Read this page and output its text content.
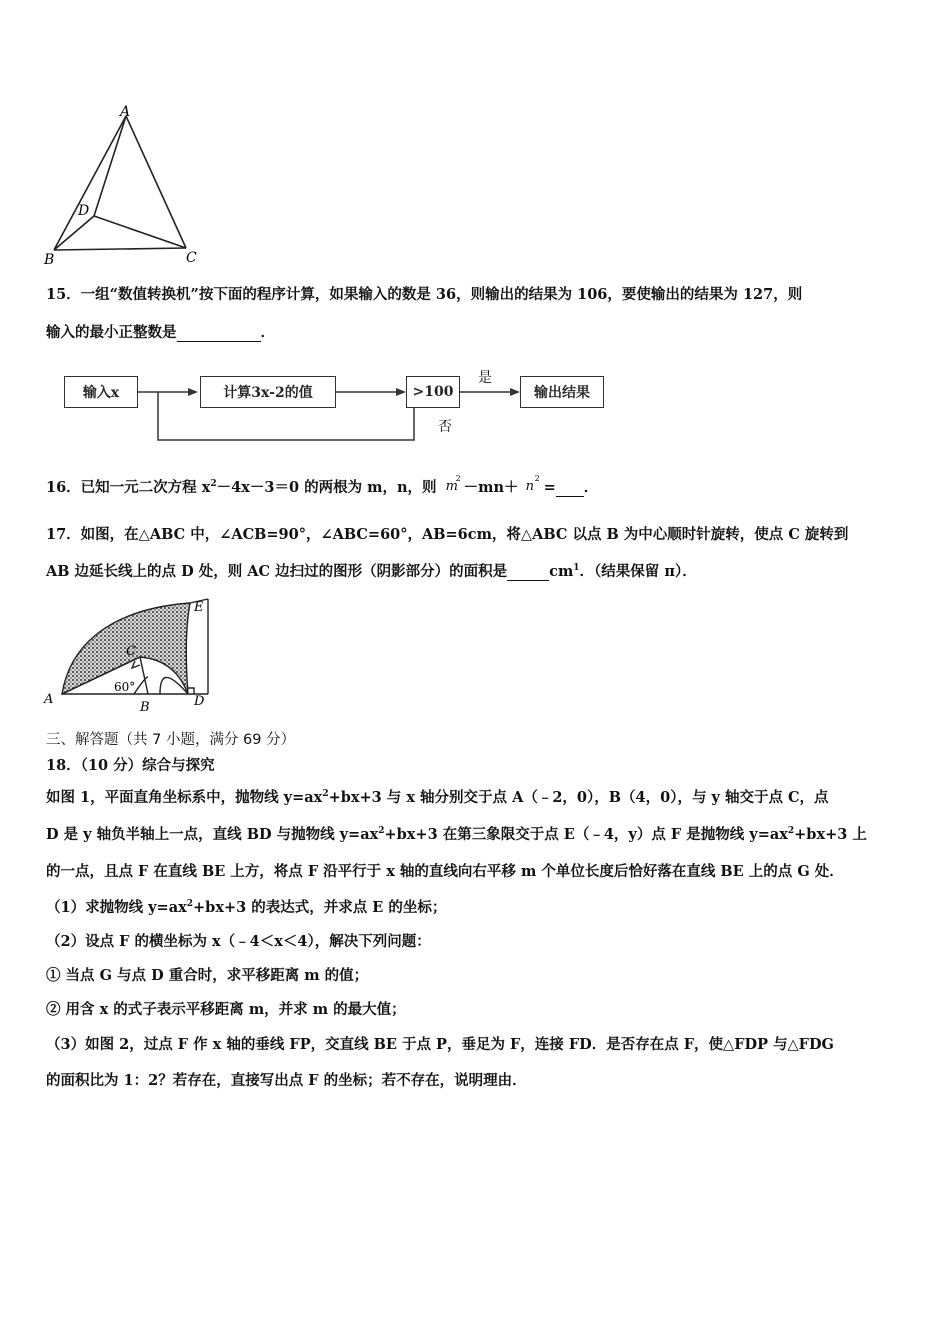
A
D
B	C
15．一组“数值转换机”按下面的程序计算，如果输入的数是 36，则输出的结果为 106，要使输出的结果为 127，则
输入的最小正整数是	．
输入x	计算3x-2的值	>100	输出结果
是
否
16．已知一元二次方程 $x^2-4x-3=0$ 的两根为 m，n，则 m
2
－mn＋ n
2
= ．
17．如图，在△ABC 中，∠ACB=90°，∠ABC=60°，AB=6cm，将△ABC 以点 B 为中心顺时针旋转，使点 C 旋转到
AB 边延长线上的点 D 处，则 AC 边扫过的图形（阴影部分）的面积是	$cm^1$．（结果保留 π）．
A
B
C
D
E
60°
三、解答题（共 7 小题，满分 69 分）
18．（10 分）综合与探究
如图 1，平面直角坐标系中，抛物线 $y=ax^2+bx+3$ 与 x 轴分别交于点 A（﹣2，0），B（4，0），与 y 轴交于点 C，点
D 是 y 轴负半轴上一点，直线 BD 与抛物线 $y=ax^2+bx+3$ 在第三象限交于点 E（﹣4，y）点 F 是抛物线 $y=ax^2+bx+3$ 上
的一点，且点 F 在直线 BE 上方，将点 F 沿平行于 x 轴的直线向右平移 m 个单位长度后恰好落在直线 BE 上的点 G 处．
（1）求抛物线 $y=ax^2+bx+3$ 的表达式，并求点 E 的坐标；
（2）设点 F 的横坐标为 x（﹣4＜x＜4），解决下列问题：
① 当点 G 与点 D 重合时，求平移距离 m 的值；
② 用含 x 的式子表示平移距离 m，并求 m 的最大值；
（3）如图 2，过点 F 作 x 轴的垂线 FP，交直线 BE 于点 P，垂足为 F，连接 FD．是否存在点 F，使△FDP 与△FDG
的面积比为 1：2？若存在，直接写出点 F 的坐标；若不存在，说明理由．
